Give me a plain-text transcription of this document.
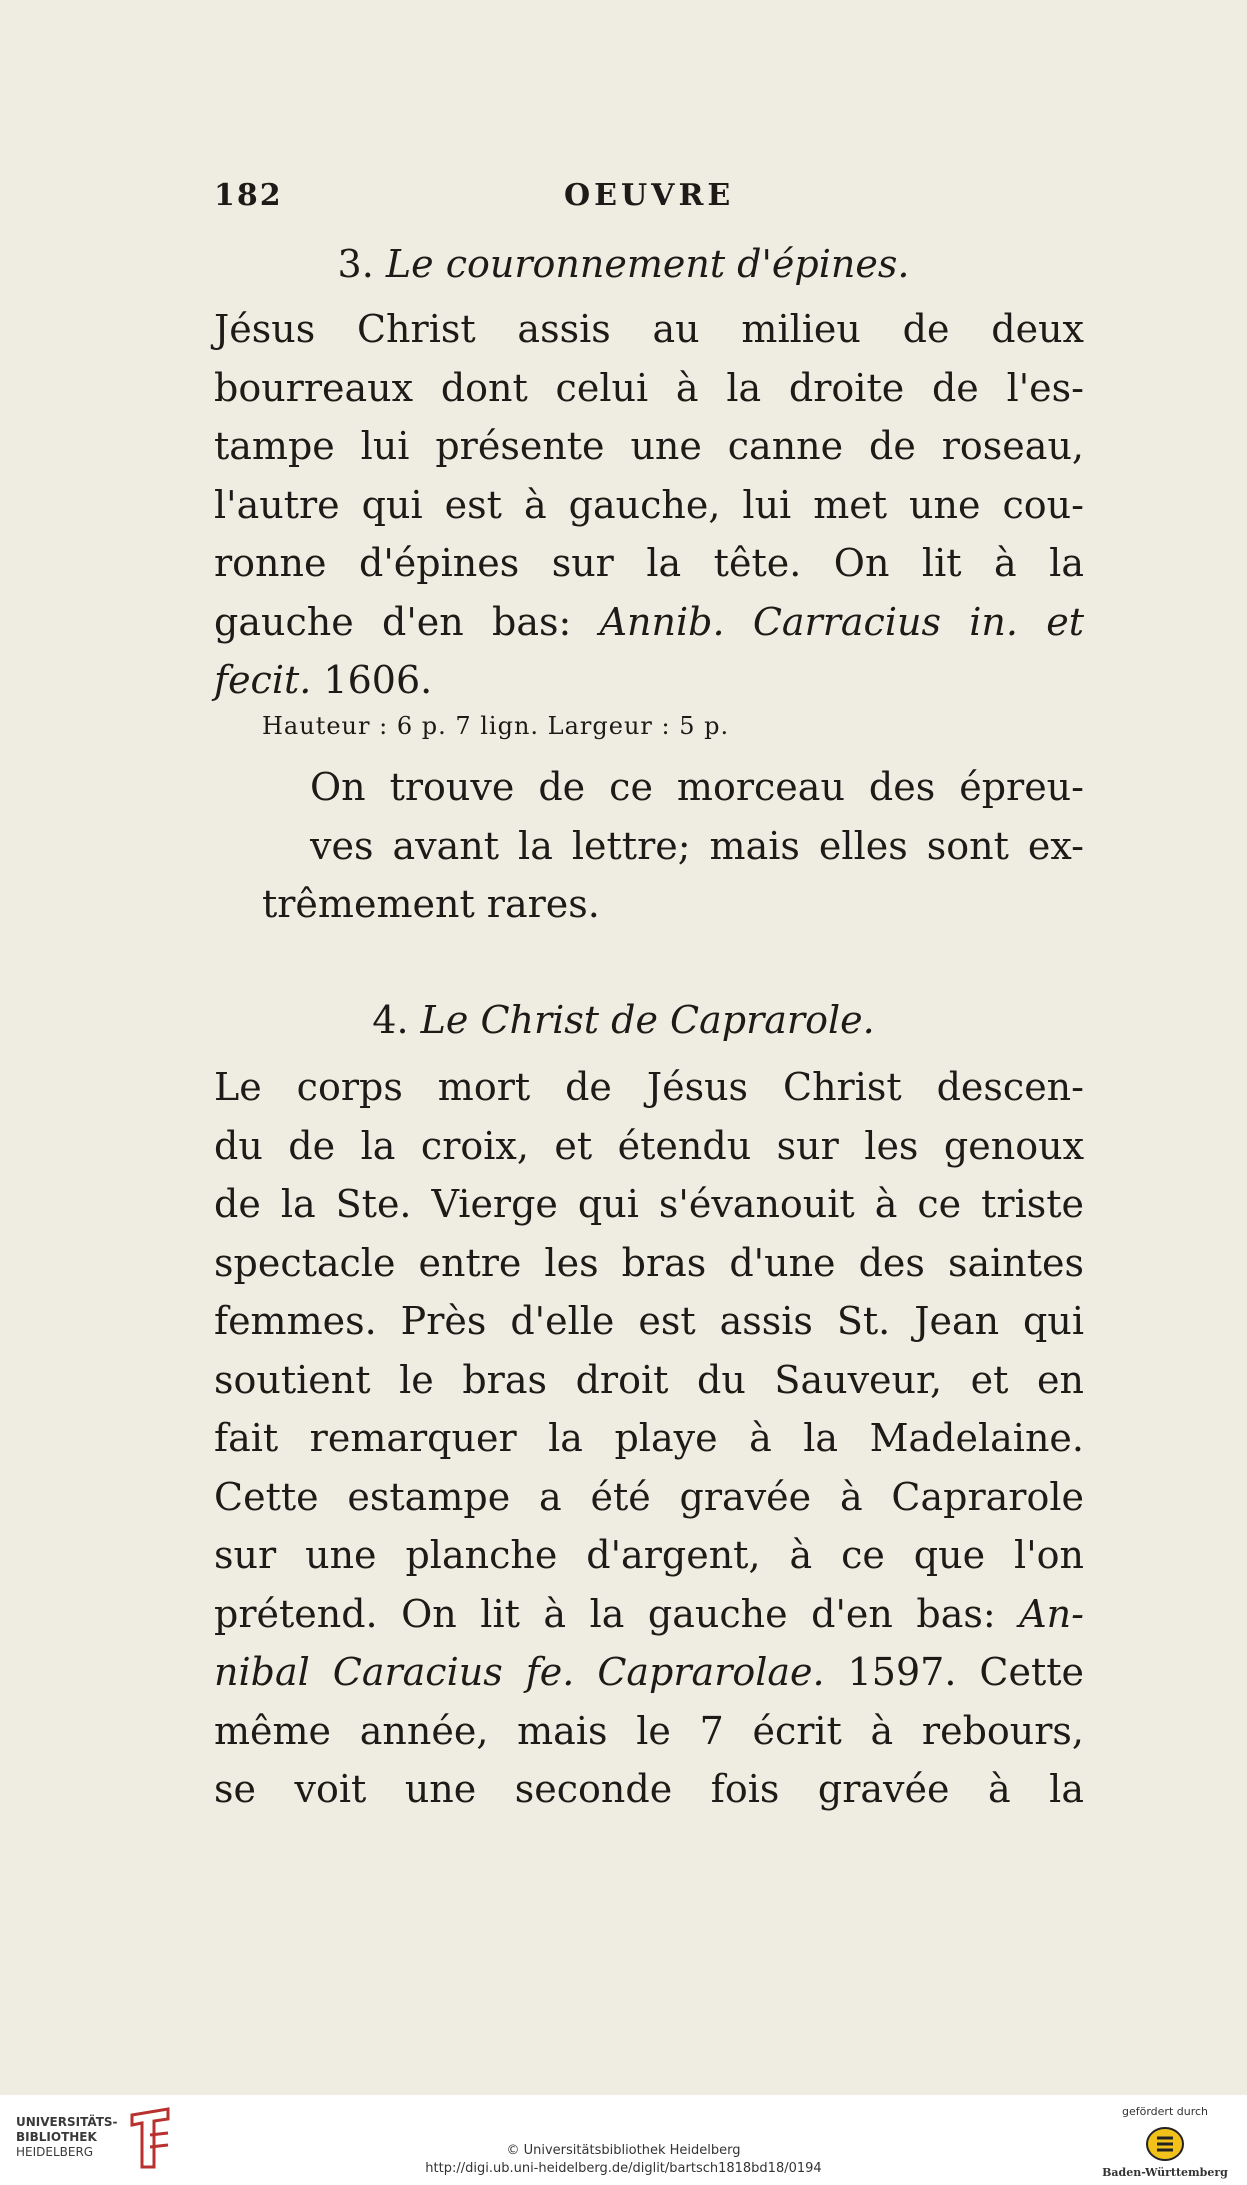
182	OEUVRE
3. Le couronnement d'épines.
Jésus Christ assis au milieu de deux
bourreaux dont celui à la droite de l'es-
tampe lui présente une canne de roseau,
l'autre qui est à gauche, lui met une cou-
ronne d'épines sur la tête. On lit à la
gauche d'en bas: Annib. Carracius in. et
fecit. 1606.
Hauteur : 6 p. 7 lign. Largeur : 5 p.
On trouve de ce morceau des épreu-
ves avant la lettre; mais elles sont ex-
trêmement rares.
4. Le Christ de Caprarole.
Le corps mort de Jésus Christ descen-
du de la croix, et étendu sur les genoux
de la Ste. Vierge qui s'évanouit à ce triste
spectacle entre les bras d'une des saintes
femmes. Près d'elle est assis St. Jean qui
soutient le bras droit du Sauveur, et en
fait remarquer la playe à la Madelaine.
Cette estampe a été gravée à Caprarole
sur une planche d'argent, à ce que l'on
prétend. On lit à la gauche d'en bas: An-
nibal Caracius fe. Caprarolae. 1597. Cette
même année, mais le 7 écrit à rebours,
se voit une seconde fois gravée à la
UNIVERSITÄTS-
BIBLIOTHEK
HEIDELBERG	© Universitätsbibliothek Heidelberg
http://digi.ub.uni-heidelberg.de/diglit/bartsch1818bd18/0194
gefördert durch
Baden-Württemberg
